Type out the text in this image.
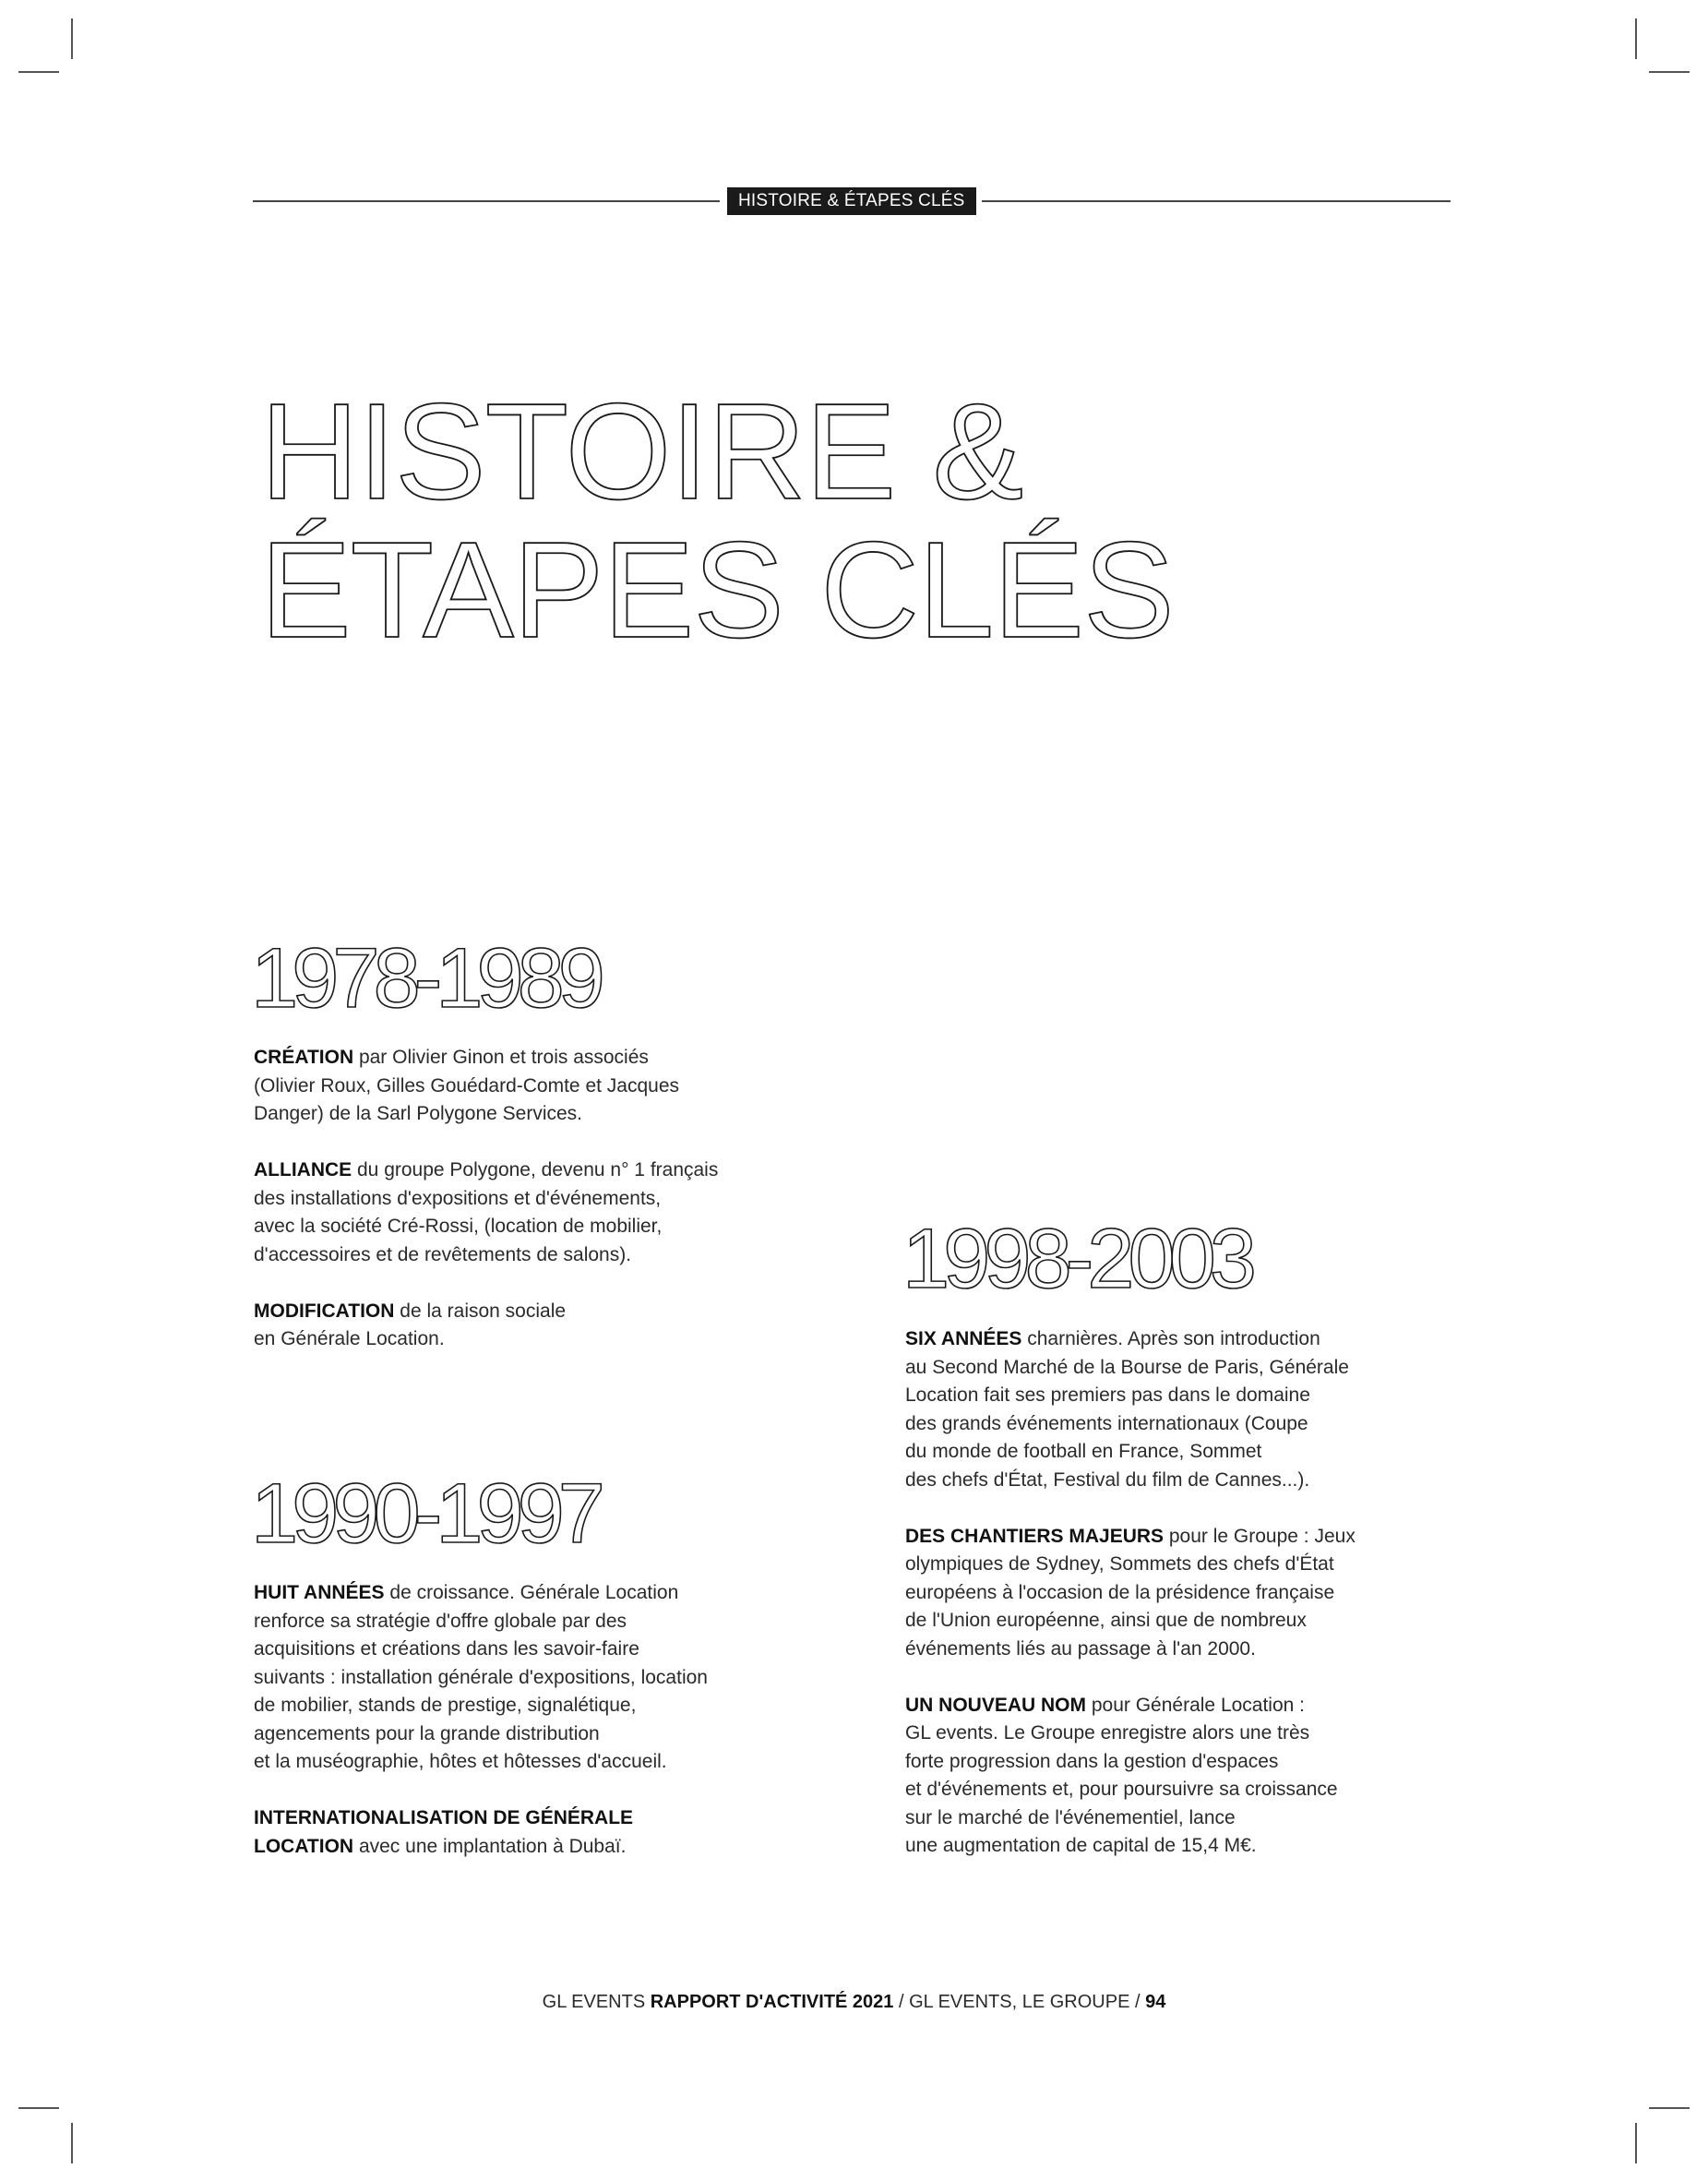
HISTOIRE & ÉTAPES CLÉS
HISTOIRE &
ÉTAPES CLÉS
1978-1989

CRÉATION par Olivier Ginon et trois associés
(Olivier Roux, Gilles Gouédard-Comte et Jacques
Danger) de la Sarl Polygone Services.

ALLIANCE du groupe Polygone, devenu n° 1 français
des installations d'expositions et d'événements,
avec la société Cré-Rossi, (location de mobilier,
d'accessoires et de revêtements de salons).

MODIFICATION de la raison sociale
en Générale Location.

1990-1997

HUIT ANNÉES de croissance. Générale Location
renforce sa stratégie d'offre globale par des
acquisitions et créations dans les savoir-faire
suivants : installation générale d'expositions, location
de mobilier, stands de prestige, signalétique,
agencements pour la grande distribution
et la muséographie, hôtes et hôtesses d'accueil.

INTERNATIONALISATION DE GÉNÉRALE
LOCATION avec une implantation à Dubaï.

1998-2003

SIX ANNÉES charnières. Après son introduction
au Second Marché de la Bourse de Paris, Générale
Location fait ses premiers pas dans le domaine
des grands événements internationaux (Coupe
du monde de football en France, Sommet
des chefs d'État, Festival du film de Cannes...).

DES CHANTIERS MAJEURS pour le Groupe : Jeux
olympiques de Sydney, Sommets des chefs d'État
européens à l'occasion de la présidence française
de l'Union européenne, ainsi que de nombreux
événements liés au passage à l'an 2000.

UN NOUVEAU NOM pour Générale Location :
GL events. Le Groupe enregistre alors une très
forte progression dans la gestion d'espaces
et d'événements et, pour poursuivre sa croissance
sur le marché de l'événementiel, lance
une augmentation de capital de 15,4 M€.

GL EVENTS RAPPORT D'ACTIVITÉ 2021 / GL EVENTS, LE GROUPE / 94
